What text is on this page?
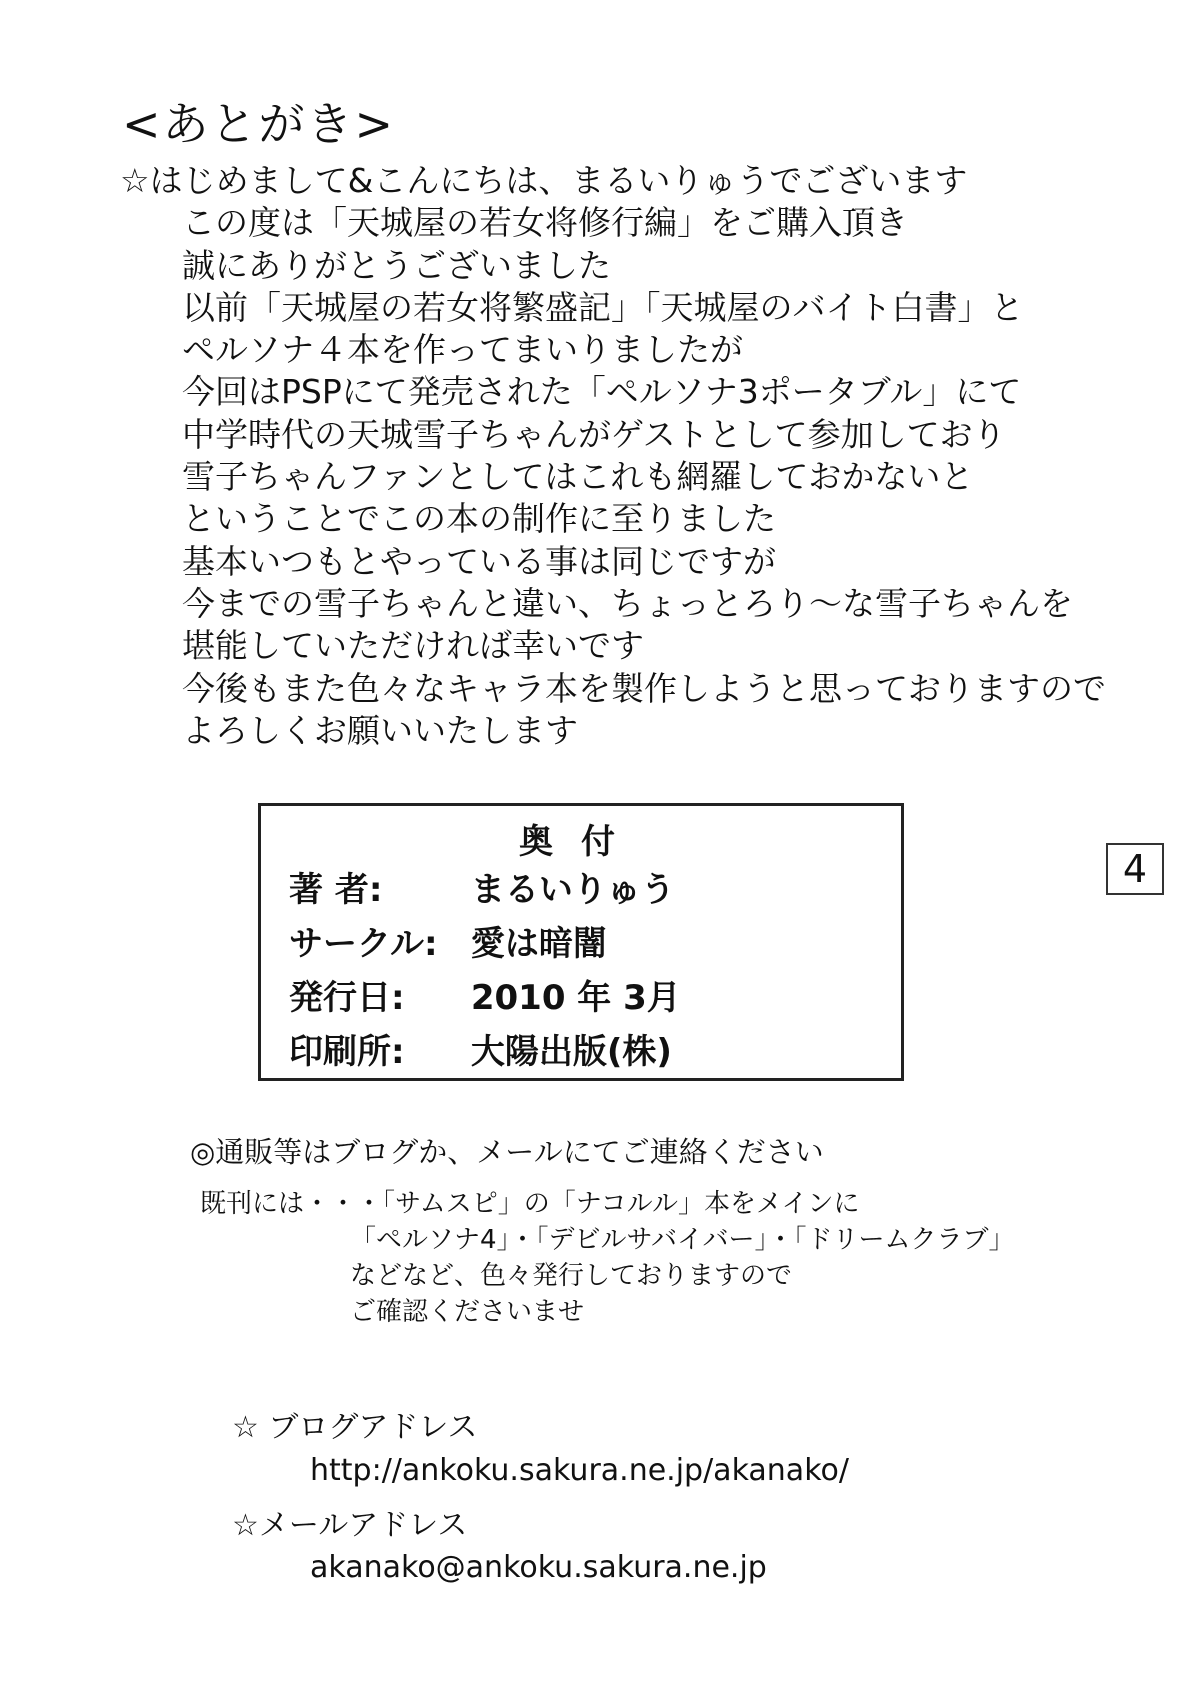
<あとがき>
☆はじめまして&こんにちは、まるいりゅうでございます
この度は「天城屋の若女将修行編」をご購入頂き
誠にありがとうございました
以前「天城屋の若女将繁盛記」「天城屋のバイト白書」と
ペルソナ４本を作ってまいりましたが
今回はPSPにて発売された「ペルソナ3ポータブル」にて
中学時代の天城雪子ちゃんがゲストとして参加しており
雪子ちゃんファンとしてはこれも網羅しておかないと
ということでこの本の制作に至りました
基本いつもとやっている事は同じですが
今までの雪子ちゃんと違い、ちょっとろり～な雪子ちゃんを
堪能していただければ幸いです
今後もまた色々なキャラ本を製作しようと思っておりますので
よろしくお願いいたします
奥付
著 者:	まるいりゅう
サークル: 愛は暗闇
発行日: 2010 年 3月
印刷所: 大陽出版(株)
4
◎通販等はブログか、メールにてご連絡ください
既刊には・・・「サムスピ」の「ナコルル」本をメインに
「ペルソナ4」・「デビルサバイバー」・「ドリームクラブ」
などなど、色々発行しておりますので
ご確認くださいませ
☆ ブログアドレス
http://ankoku.sakura.ne.jp/akanako/
☆メールアドレス
akanako@ankoku.sakura.ne.jp
